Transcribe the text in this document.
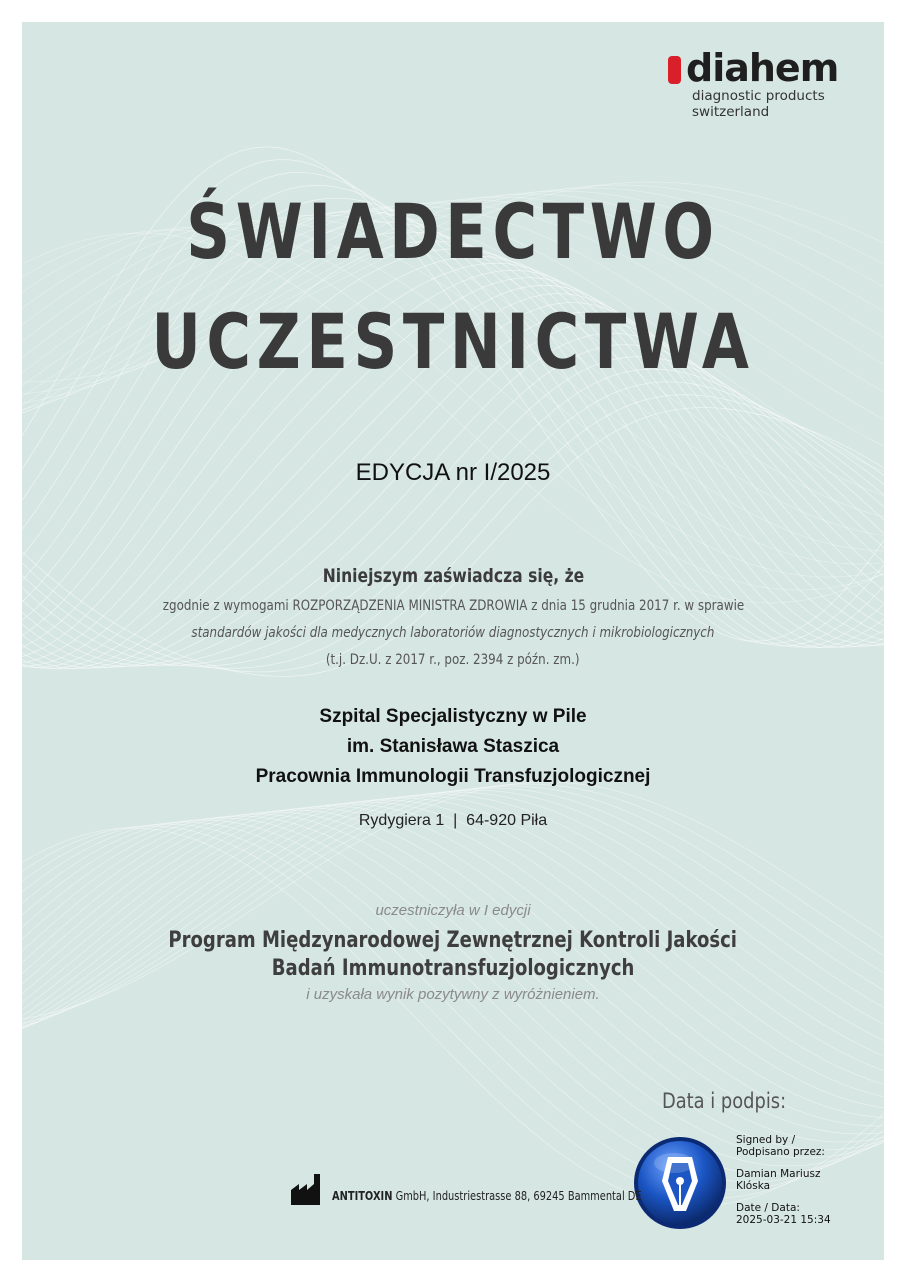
diahem
diagnostic products
switzerland
ŚWIADECTWO
UCZESTNICTWA
EDYCJA nr I/2025
Niniejszym zaświadcza się, że
zgodnie z wymogami ROZPORZĄDZENIA MINISTRA ZDROWIA z dnia 15 grudnia 2017 r. w sprawie
standardów jakości dla medycznych laboratoriów diagnostycznych i mikrobiologicznych
(t.j. Dz.U. z 2017 r., poz. 2394 z późn. zm.)
Szpital Specjalistyczny w Pile
im. Stanisława Staszica
Pracownia Immunologii Transfuzjologicznej
Rydygiera 1  |  64-920 Piła
uczestniczyła w I edycji
Program Międzynarodowej Zewnętrznej Kontroli Jakości
Badań Immunotransfuzjologicznych
i uzyskała wynik pozytywny z wyróżnieniem.
Data i podpis:
Signed by /
Podpisano przez:
Damian Mariusz
Klóska
Date / Data:
2025-03-21 15:34
ANTITOXIN GmbH, Industriestrasse 88, 69245 Bammental DE
